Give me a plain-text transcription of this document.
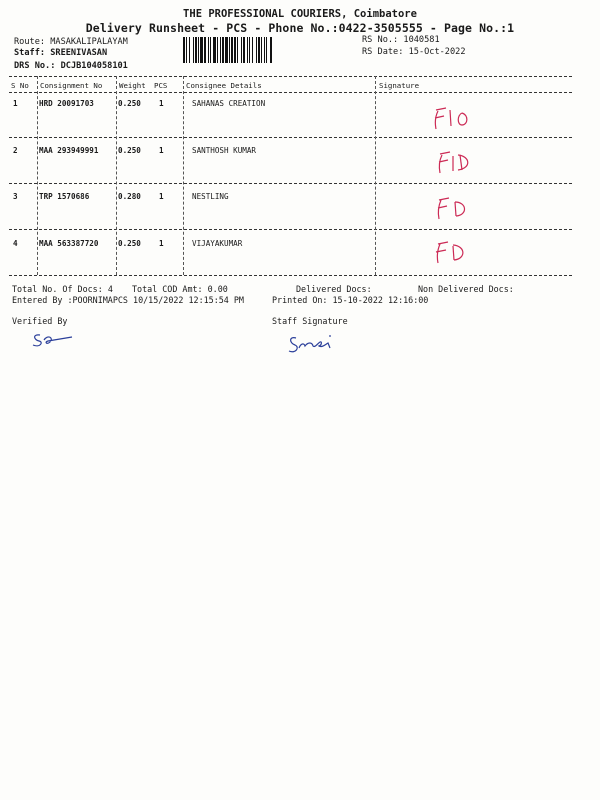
THE PROFESSIONAL COURIERS, Coimbatore
Delivery Runsheet - PCS - Phone No.:0422-3505555 - Page No.:1
Route: MASAKALIPALAYAM
Staff: SREENIVASAN
DRS No.: DCJB104058101
RS No.: 1040581
RS Date: 15-Oct-2022
S No Consignment No Weight PCS	Consignee Details	Signature
1	HRD 20091703	0.250 1	SAHANAS CREATION
2	MAA 293949991	0.250 1	SANTHOSH KUMAR
3	TRP 1570686	0.280 1	NESTLING
4	MAA 563387720	0.250 1	VIJAYAKUMAR
Total No. Of Docs: 4 Total COD Amt: 0.00	Delivered Docs:	Non Delivered Docs:
Entered By :POORNIMAPCS 10/15/2022 12:15:54 PM	Printed On: 15-10-2022 12:16:00
Verified By	Staff Signature
